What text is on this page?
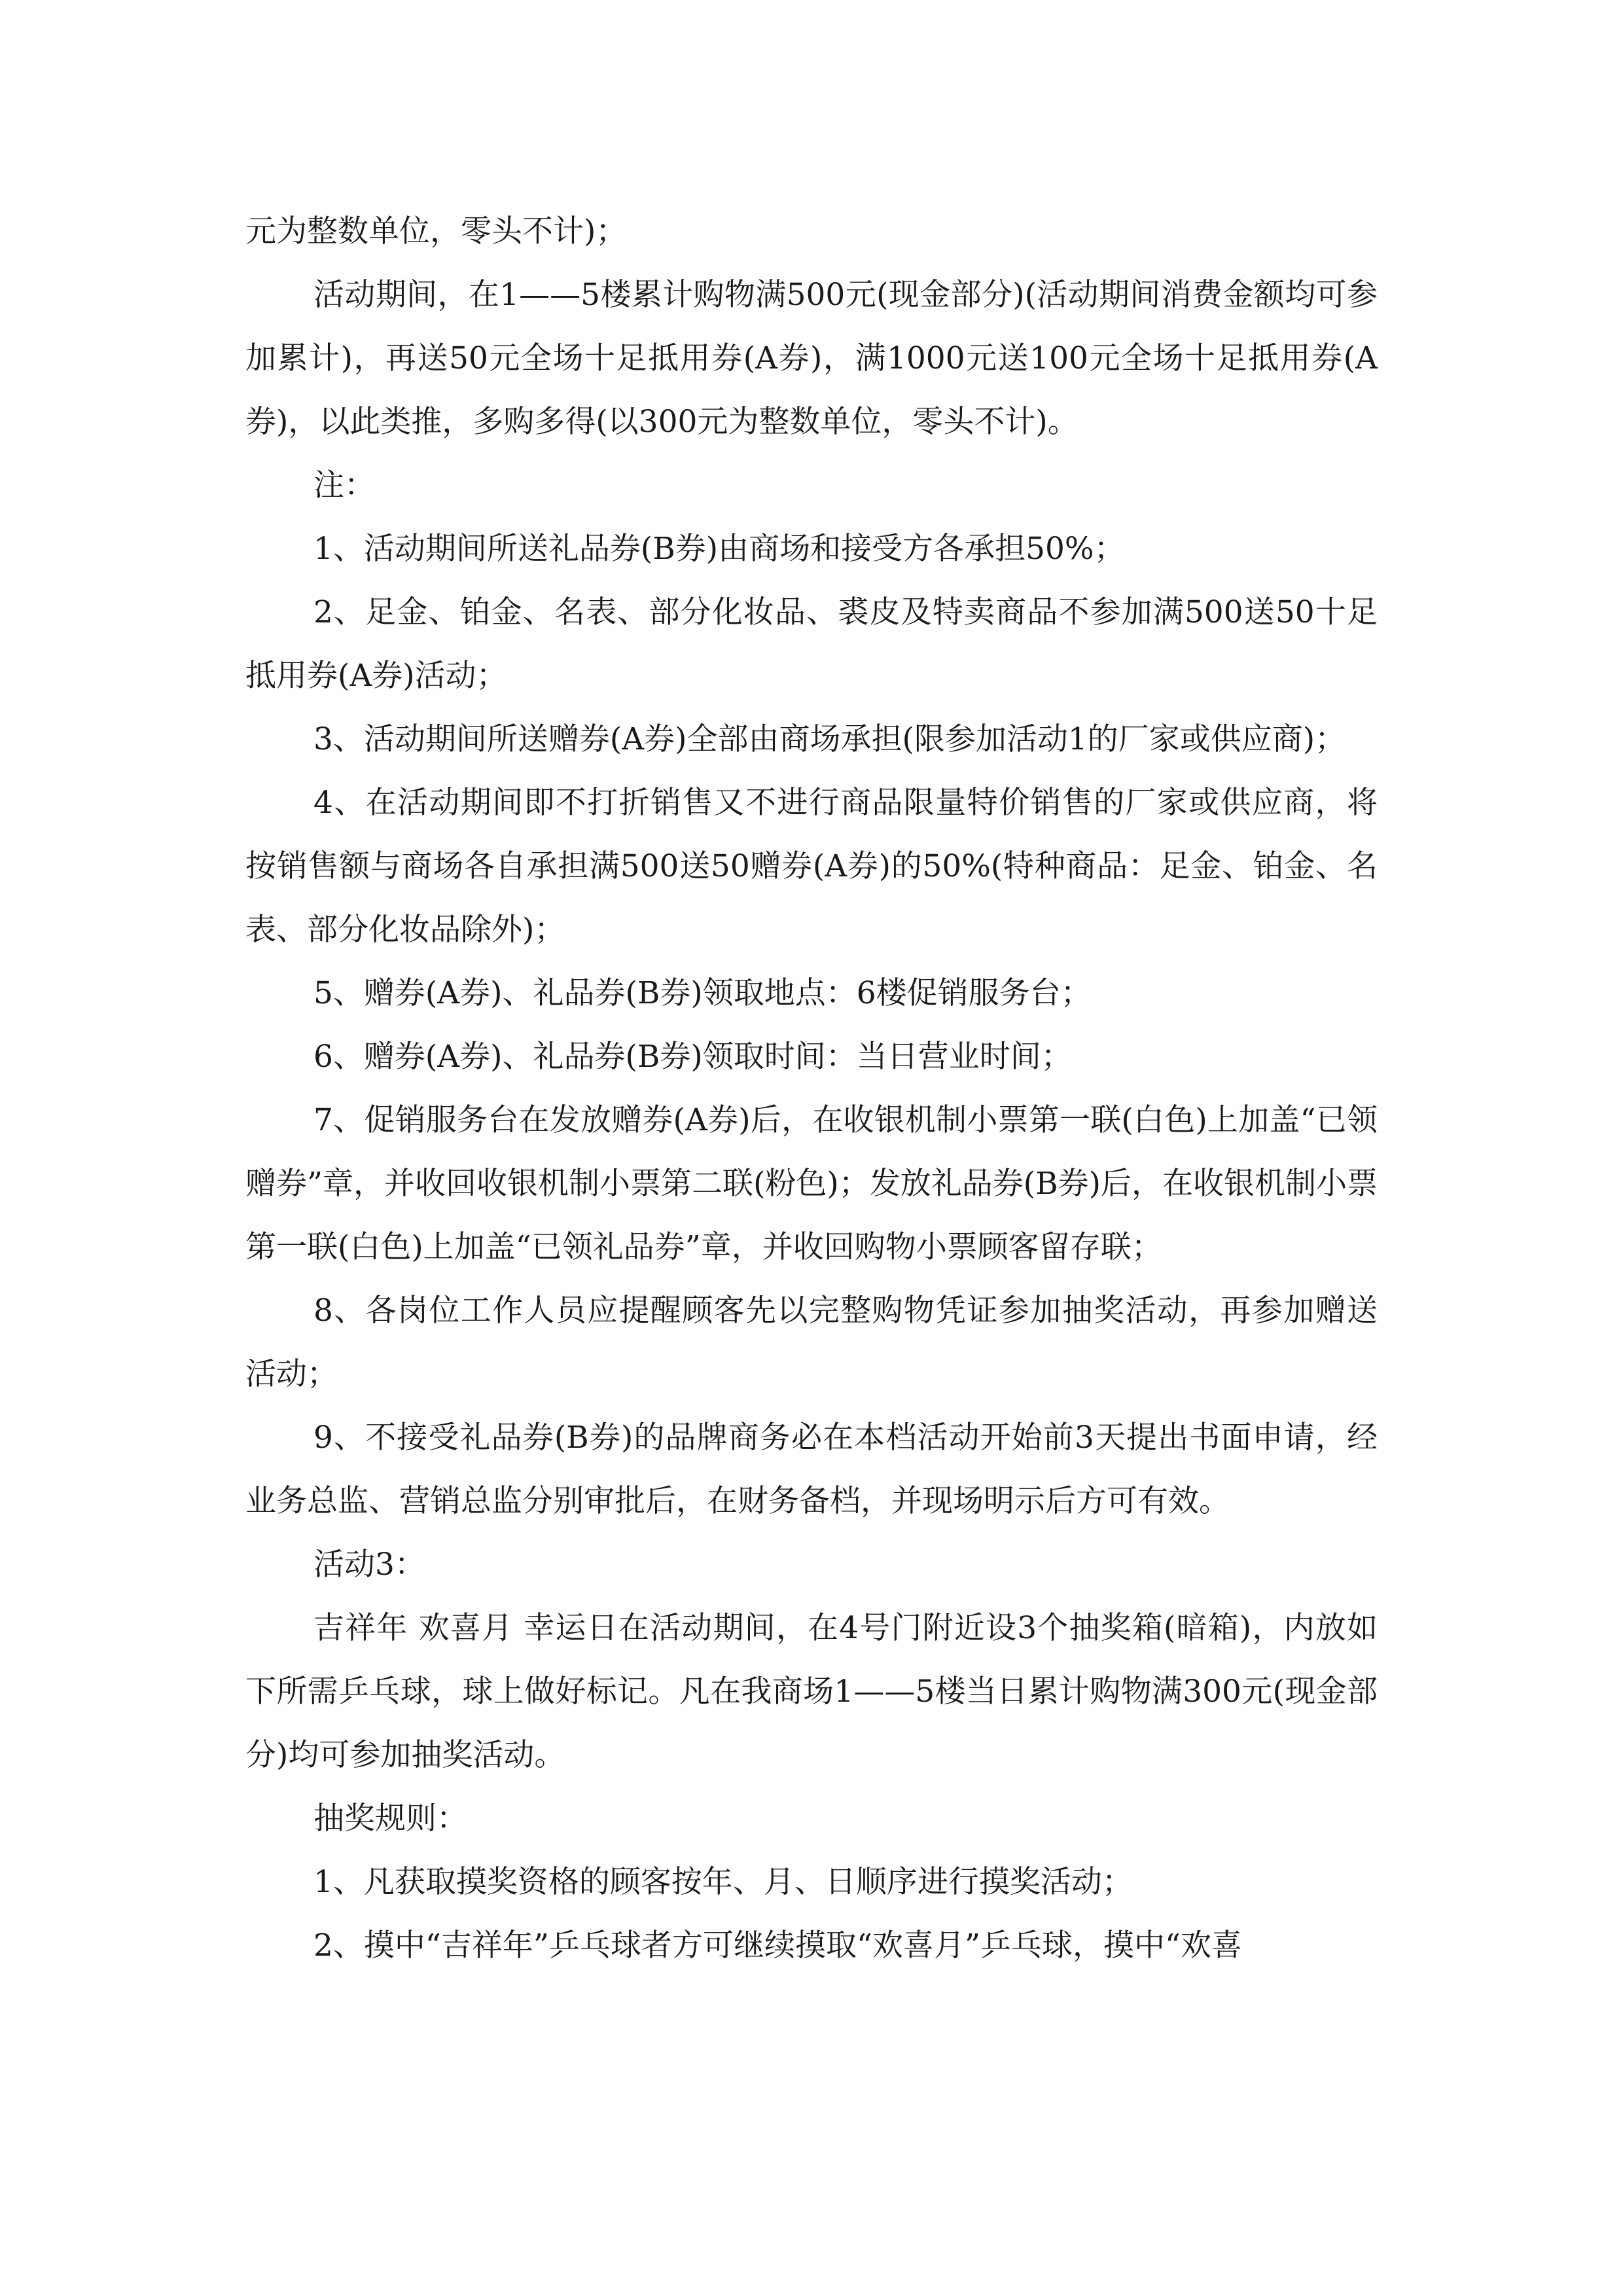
元为整数单位，零头不计)；

活动期间，在1——5楼累计购物满500元(现金部分)(活动期间消费金额均可参加累计)，再送50元全场十足抵用券(A券)，满1000元送100元全场十足抵用券(A券)，以此类推，多购多得(以300元为整数单位，零头不计)。

注：

1、活动期间所送礼品券(B券)由商场和接受方各承担50%；

2、足金、铂金、名表、部分化妆品、裘皮及特卖商品不参加满500送50十足抵用券(A券)活动；

3、活动期间所送赠券(A券)全部由商场承担(限参加活动1的厂家或供应商)；

4、在活动期间即不打折销售又不进行商品限量特价销售的厂家或供应商，将按销售额与商场各自承担满500送50赠券(A券)的50%(特种商品：足金、铂金、名表、部分化妆品除外)；

5、赠券(A券)、礼品券(B券)领取地点：6楼促销服务台；

6、赠券(A券)、礼品券(B券)领取时间：当日营业时间；

7、促销服务台在发放赠券(A券)后，在收银机制小票第一联(白色)上加盖“已领赠券”章，并收回收银机制小票第二联(粉色)；发放礼品券(B券)后，在收银机制小票第一联(白色)上加盖“已领礼品券”章，并收回购物小票顾客留存联；

8、各岗位工作人员应提醒顾客先以完整购物凭证参加抽奖活动，再参加赠送活动；

9、不接受礼品券(B券)的品牌商务必在本档活动开始前3天提出书面申请，经业务总监、营销总监分别审批后，在财务备档，并现场明示后方可有效。

活动3：

吉祥年 欢喜月 幸运日在活动期间，在4号门附近设3个抽奖箱(暗箱)，内放如下所需乒乓球，球上做好标记。凡在我商场1——5楼当日累计购物满300元(现金部分)均可参加抽奖活动。

抽奖规则：

1、凡获取摸奖资格的顾客按年、月、日顺序进行摸奖活动；

2、摸中“吉祥年”乒乓球者方可继续摸取“欢喜月”乒乓球，摸中“欢喜
